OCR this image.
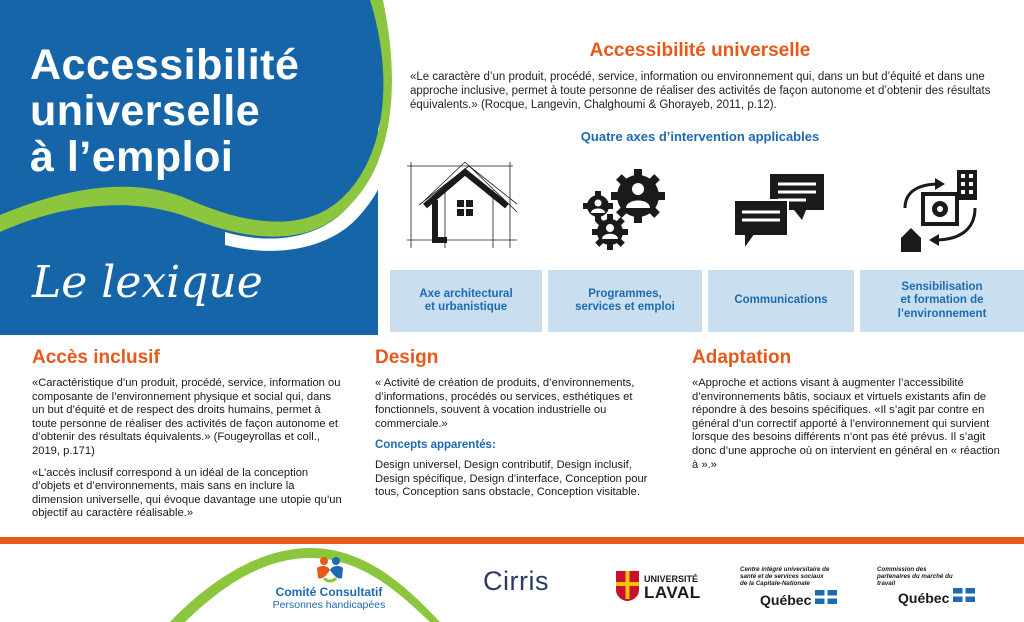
Accessibilité
universelle
à l’emploi
Le lexique
Accessibilité universelle
«Le caractère d’un produit, procédé, service, information ou environnement qui, dans un but d’équité et dans une approche inclusive, permet à toute personne de réaliser des activités de façon autonome et d’obtenir des résultats équivalents.» (Rocque, Langevin, Chalghoumi & Ghorayeb, 2011, p.12).
Quatre axes d’intervention applicables
Axe architectural
et urbanistique
Programmes,
services et emploi
Communications
Sensibilisation
et formation de
l’environnement
Accès inclusif

«Caractéristique d’un produit, procédé, service, information ou composante de l’environnement physique et social qui, dans un but d’équité et de respect des droits humains, permet à toute personne de réaliser des activités de façon autonome et d’obtenir des résultats équivalents.» (Fougeyrollas et coll., 2019, p.171)

«L’accès inclusif correspond à un idéal de la conception d’objets et d’environnements, mais sans en inclure la dimension universelle, qui évoque davantage une utopie qu’un objectif au caractère réalisable.»

Design

« Activité de création de produits, d’environnements, d’informations, procédés ou services, esthétiques et fonctionnels, souvent à vocation industrielle ou commerciale.»

Concepts apparentés:

Design universel, Design contributif, Design inclusif, Design spécifique, Design d’interface, Conception pour tous, Conception sans obstacle, Conception visitable.

Adaptation

«Approche et actions visant à augmenter l’accessibilité d’environnements bâtis, sociaux et virtuels existants afin de répondre à des besoins spécifiques. «Il s’agit par contre en général d’un correctif apporté à l’environnement qui survient lorsque des besoins différents n’ont pas été prévus. Il s’agit donc d’une approche où on intervient en général en « réaction à ».»

Comité Consultatif
Personnes handicapées
Cirris	UNIVERSITÉ
LAVAL
Centre intégré universitaire de santé et de services sociaux de la Capitale-Nationale
Québec
Commission des partenaires du marché du travail
Québec
